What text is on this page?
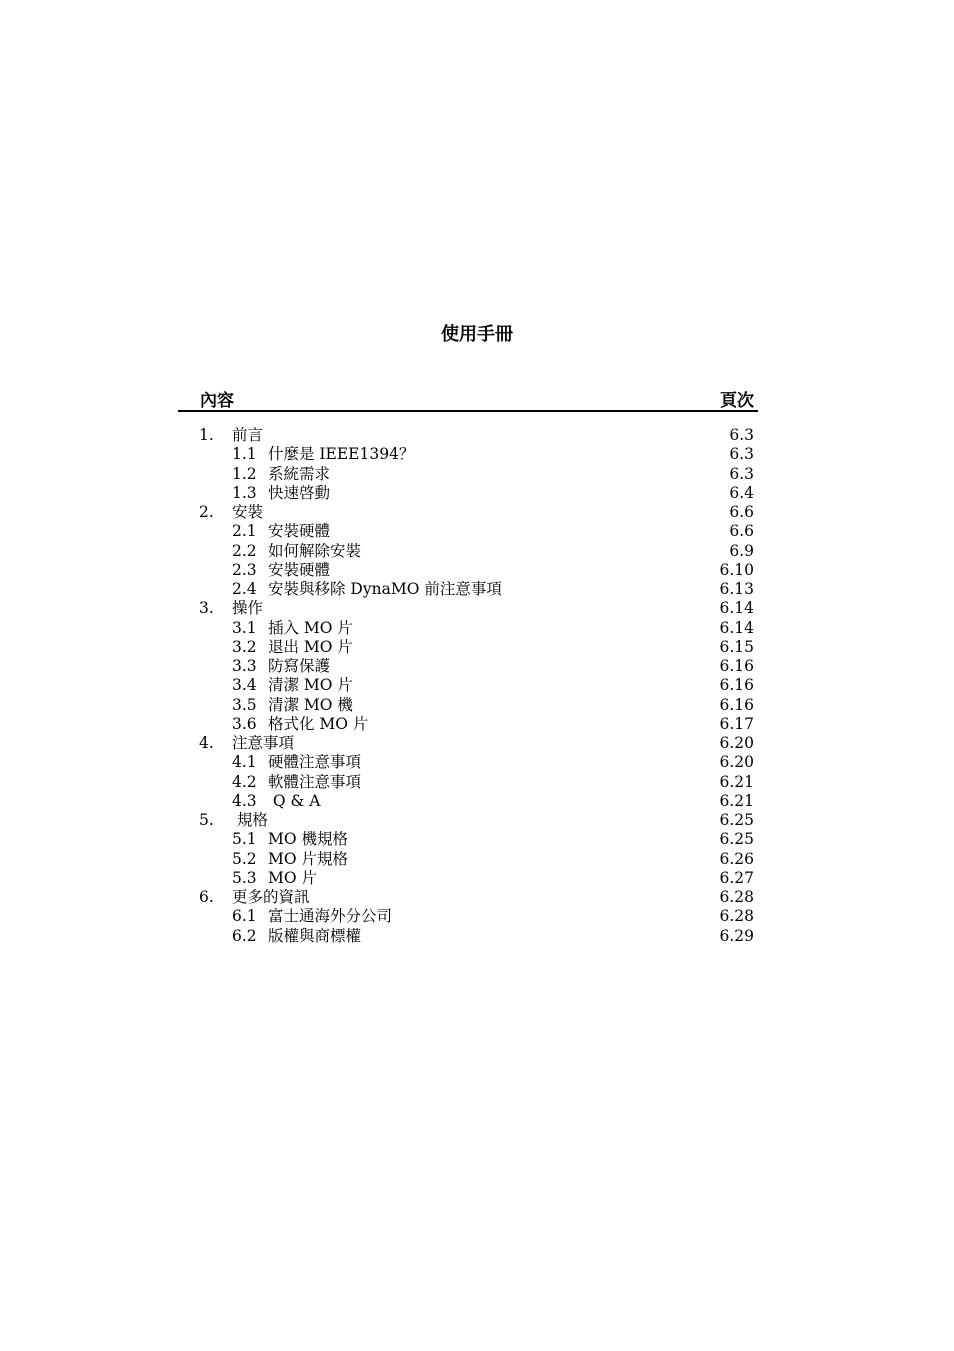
使用手冊
內容	頁次
1. 前言	6.3
1.1 什麼是 IEEE1394？	6.3
1.2 系統需求	6.3
1.3 快速啓動	6.4
2. 安裝	6.6
2.1 安裝硬體	6.6
2.2 如何解除安裝	6.9
2.3 安裝硬體	6.10
2.4 安裝與移除 DynaMO 前注意事項	6.13
3. 操作	6.14
3.1 插入 MO 片	6.14
3.2 退出 MO 片	6.15
3.3 防寫保護	6.16
3.4 清潔 MO 片	6.16
3.5 清潔 MO 機	6.16
3.6 格式化 MO 片	6.17
4. 注意事項	6.20
4.1 硬體注意事項	6.20
4.2 軟體注意事項	6.21
4.3 Q & A	6.21
5. 規格	6.25
5.1 MO 機規格	6.25
5.2 MO 片規格	6.26
5.3 MO 片	6.27
6. 更多的資訊	6.28
6.1 富士通海外分公司	6.28
6.2 版權與商標權	6.29
